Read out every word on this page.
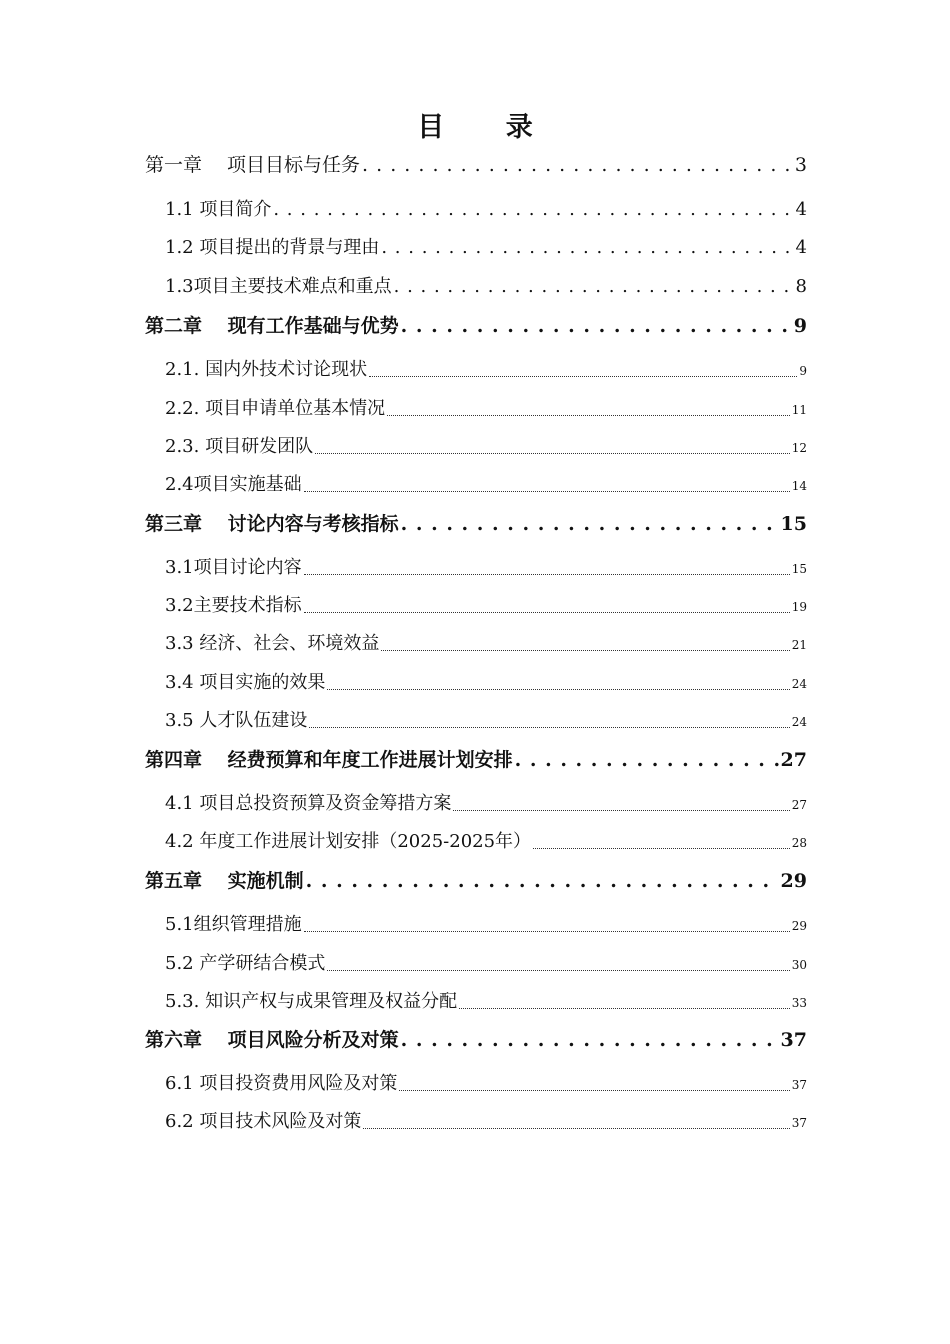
目 录
第一章　 项目目标与任务 . . .	3
1.1 项目简介 . . .	4
1.2 项目提出的背景与理由 . . .	4
1.3项目主要技术难点和重点 . . .	8
第二章　 现有工作基础与优势 . . .	9
2.1. 国内外技术讨论现状	9
2.2. 项目申请单位基本情况	11
2.3. 项目研发团队	12
2.4项目实施基础	14
第三章　 讨论内容与考核指标 . . .	15
3.1项目讨论内容	15
3.2主要技术指标	19
3.3 经济、社会、环境效益	21
3.4 项目实施的效果	24
3.5 人才队伍建设	24
第四章　 经费预算和年度工作进展计划安排 . . .	27
4.1 项目总投资预算及资金筹措方案	27
4.2 年度工作进展计划安排（2025-2025年）	28
第五章　 实施机制 . . .	29
5.1组织管理措施	29
5.2 产学研结合模式	30
5.3. 知识产权与成果管理及权益分配	33
第六章　 项目风险分析及对策 . . .	37
6.1 项目投资费用风险及对策	37
6.2 项目技术风险及对策	37
